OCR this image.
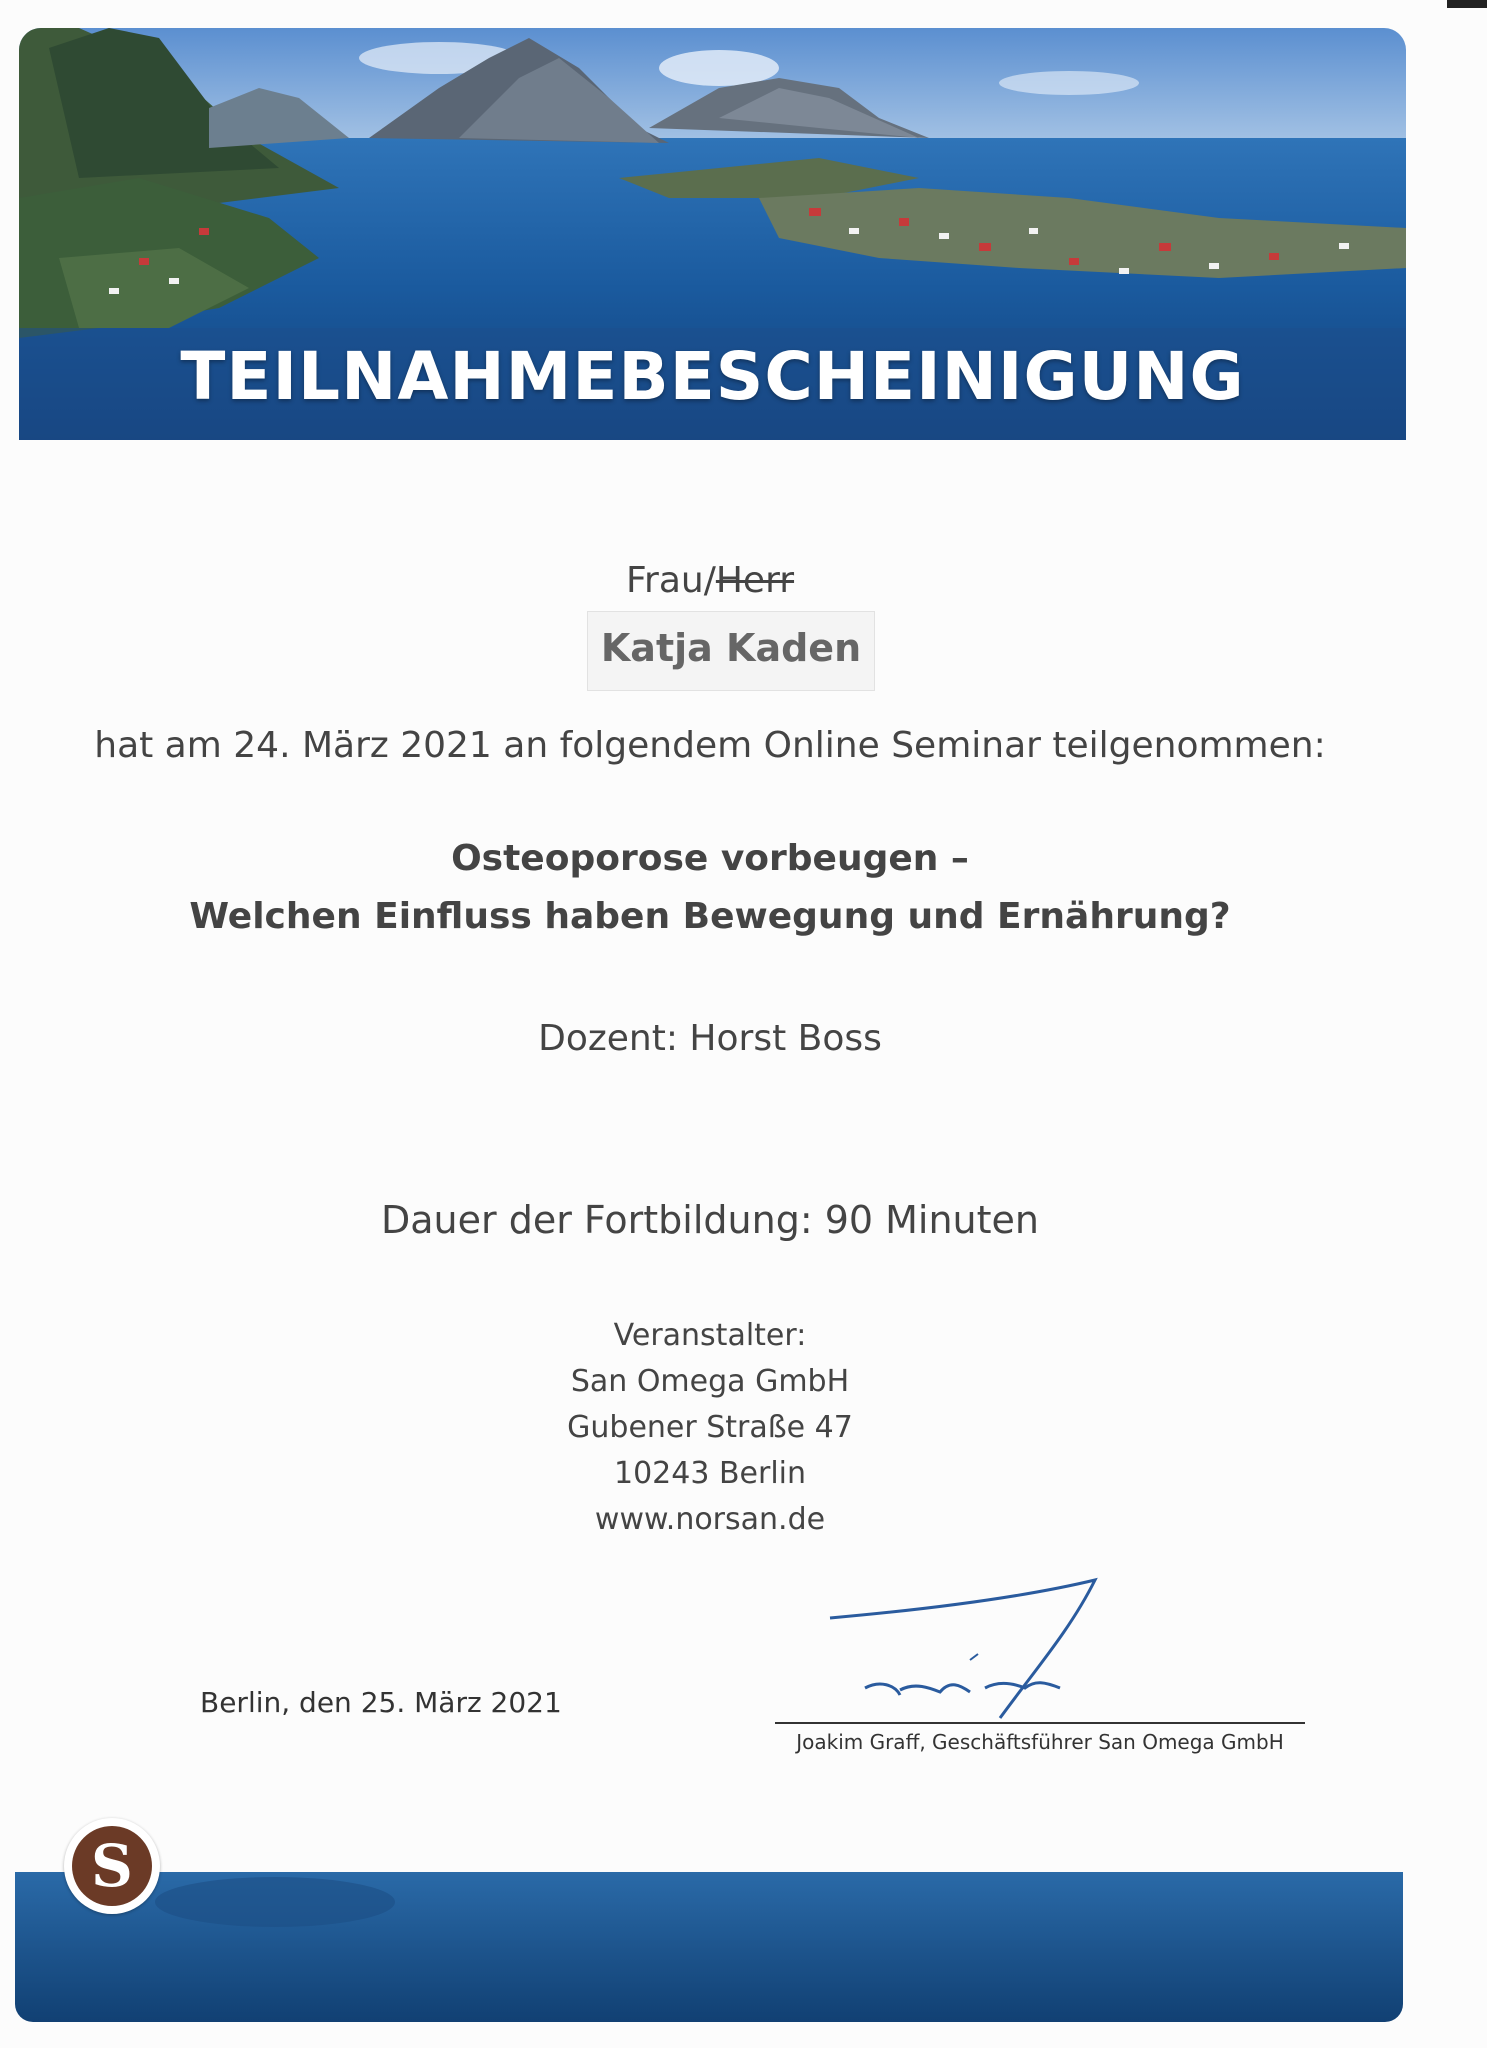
TEILNAHMEBESCHEINIGUNG
Frau/Herr
Katja Kaden
hat am 24. März 2021 an folgendem Online Seminar teilgenommen:
Osteoporose vorbeugen –
Welchen Einfluss haben Bewegung und Ernährung?
Dozent: Horst Boss
Dauer der Fortbildung: 90 Minuten
Veranstalter:
San Omega GmbH
Gubener Straße 47
10243 Berlin
www.norsan.de
Berlin, den 25. März 2021
Joakim Graff, Geschäftsführer San Omega GmbH
S
